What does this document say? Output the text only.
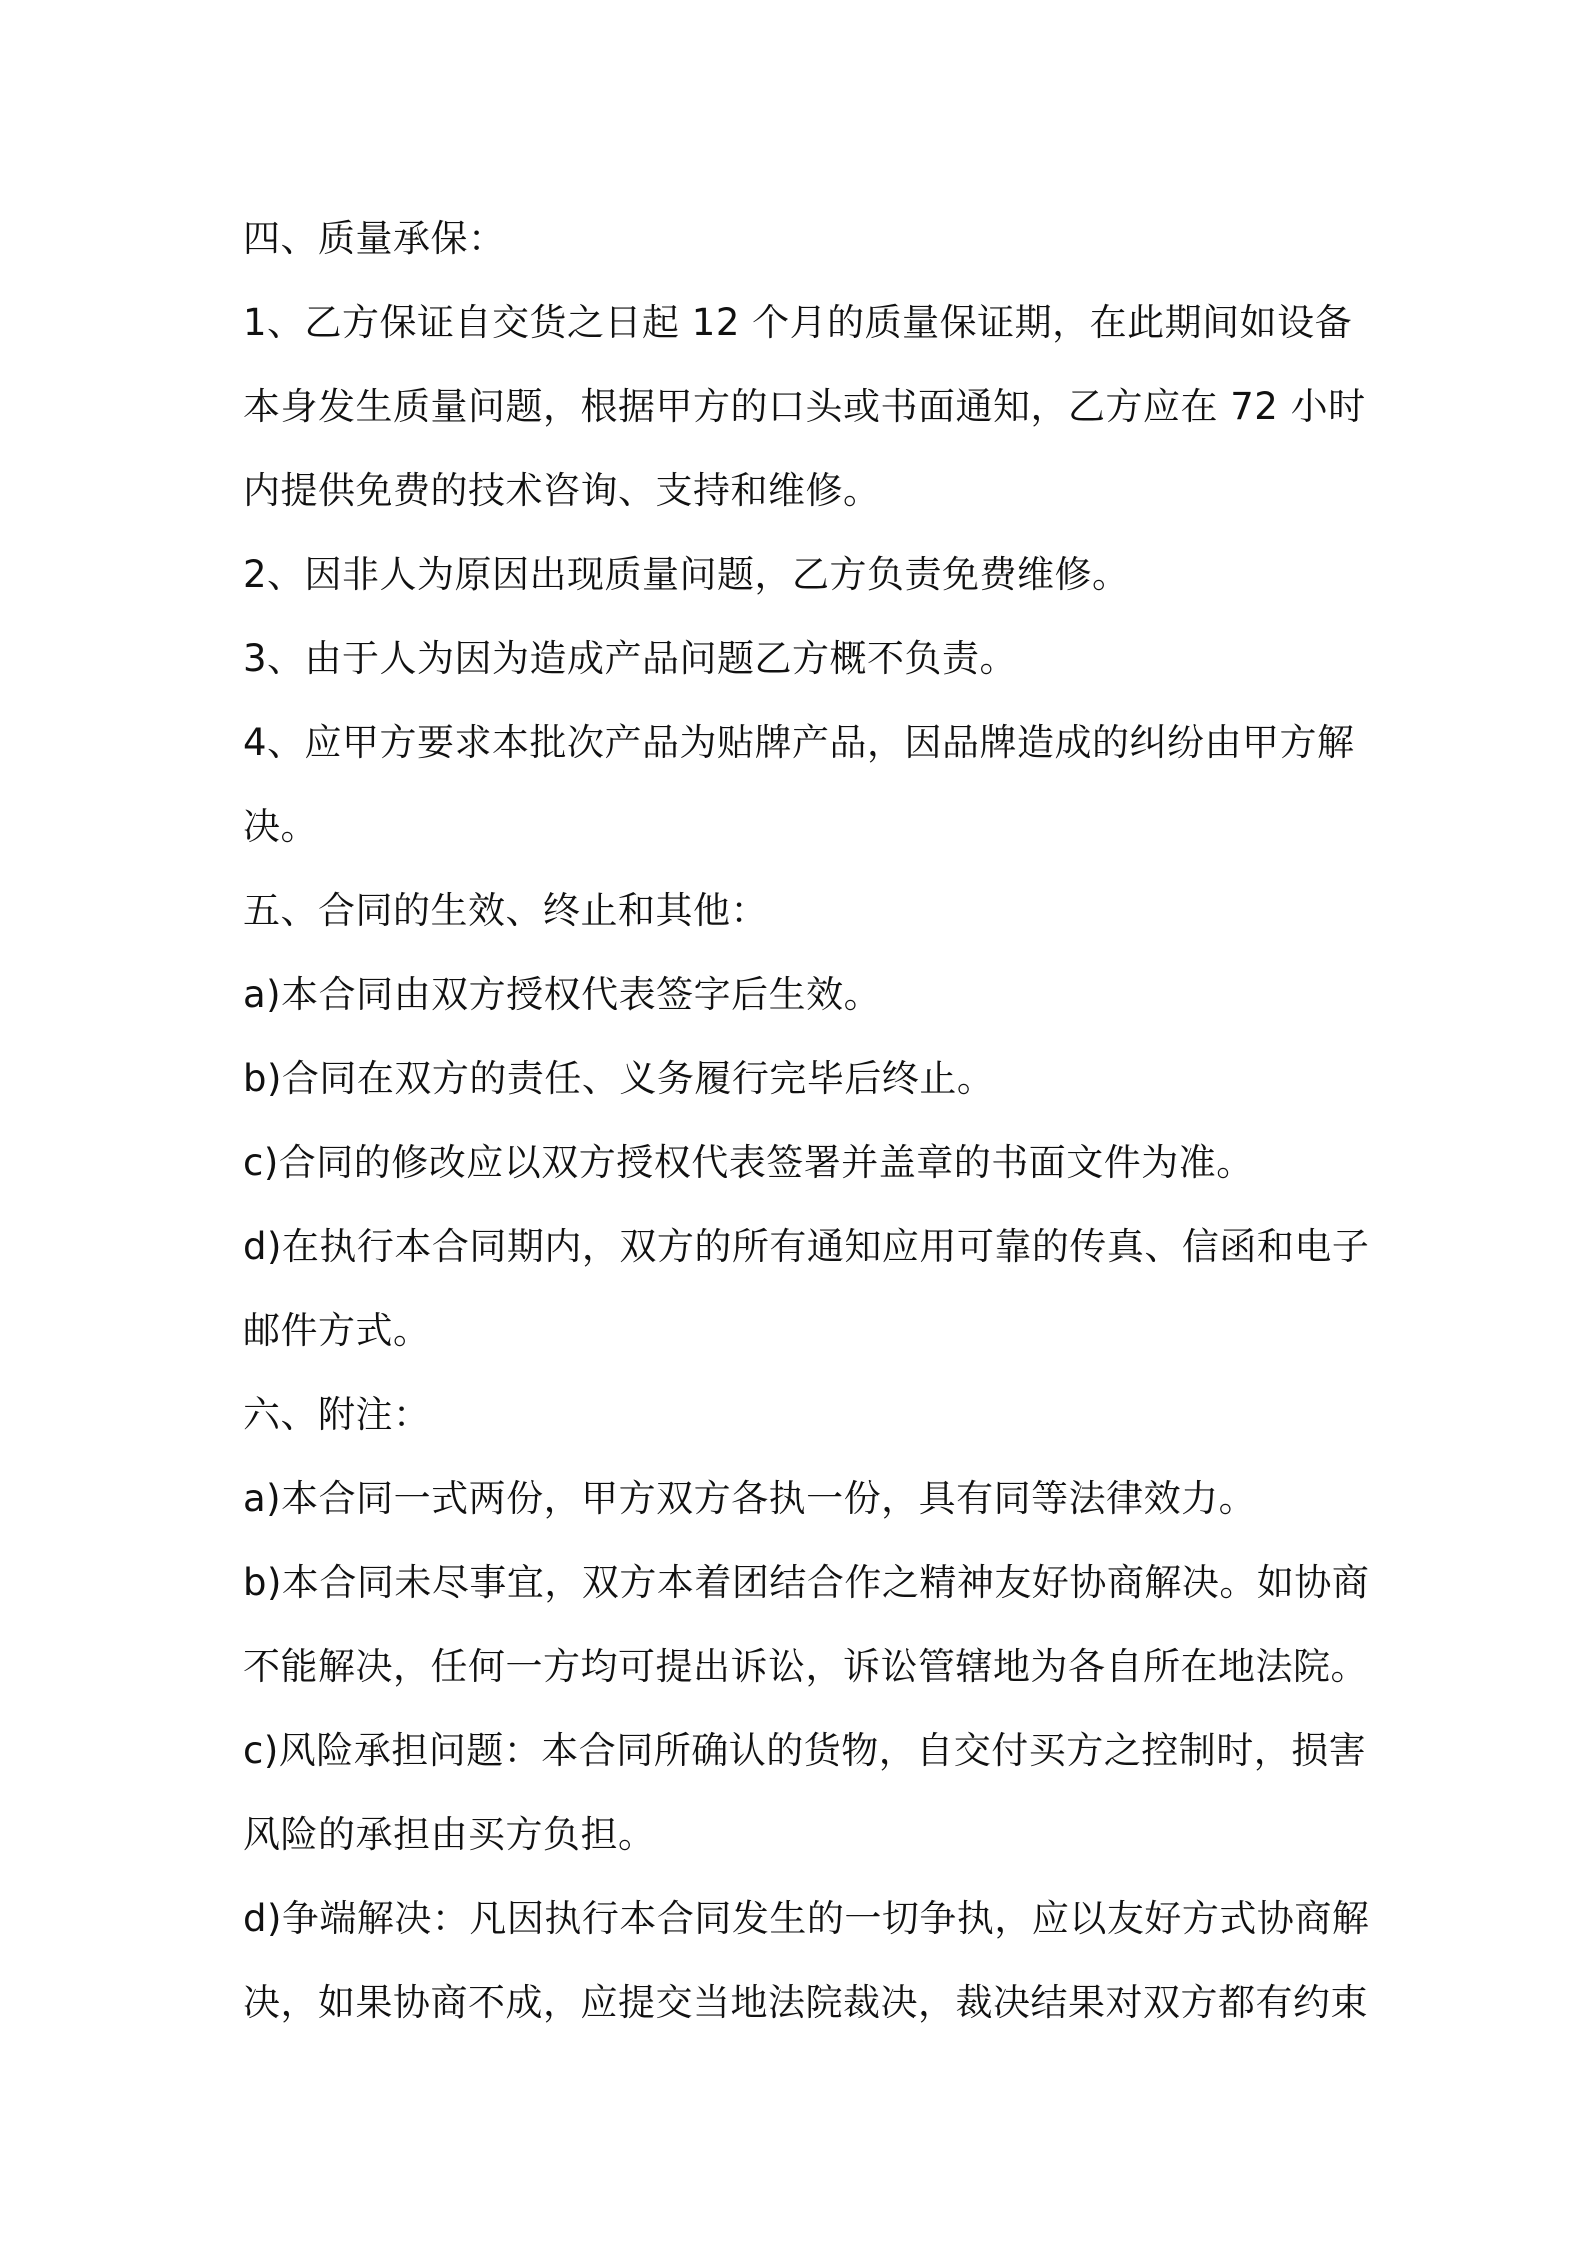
四、质量承保：
1、乙方保证自交货之日起 12 个月的质量保证期，在此期间如设备
本身发生质量问题，根据甲方的口头或书面通知，乙方应在 72 小时
内提供免费的技术咨询、支持和维修。
2、因非人为原因出现质量问题，乙方负责免费维修。
3、由于人为因为造成产品问题乙方概不负责。
4、应甲方要求本批次产品为贴牌产品，因品牌造成的纠纷由甲方解
决。
五、合同的生效、终止和其他：
a)本合同由双方授权代表签字后生效。
b)合同在双方的责任、义务履行完毕后终止。
c)合同的修改应以双方授权代表签署并盖章的书面文件为准。
d)在执行本合同期内，双方的所有通知应用可靠的传真、信函和电子
邮件方式。
六、附注：
a)本合同一式两份，甲方双方各执一份，具有同等法律效力。
b)本合同未尽事宜，双方本着团结合作之精神友好协商解决。如协商
不能解决，任何一方均可提出诉讼，诉讼管辖地为各自所在地法院。
c)风险承担问题：本合同所确认的货物，自交付买方之控制时，损害
风险的承担由买方负担。
d)争端解决：凡因执行本合同发生的一切争执，应以友好方式协商解
决，如果协商不成，应提交当地法院裁决，裁决结果对双方都有约束
